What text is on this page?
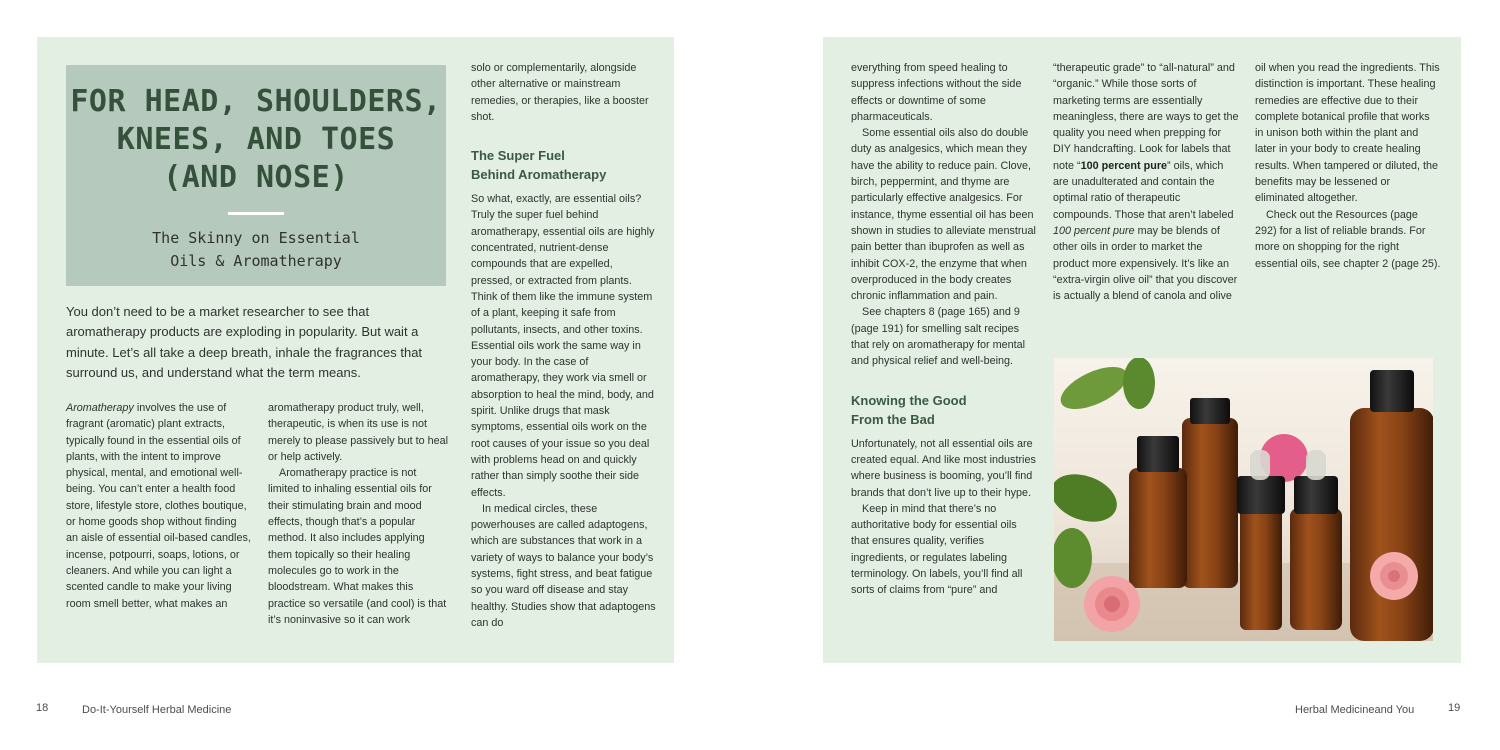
FOR HEAD, SHOULDERS,
KNEES, AND TOES
(AND NOSE)
The Skinny on Essential
Oils & Aromatherapy

You don’t need to be a market researcher to see that aromatherapy products are exploding in popularity. But wait a minute. Let’s all take a deep breath, inhale the fragrances that surround us, and understand what the term means.

Aromatherapy involves the use of fragrant (aromatic) plant extracts, typically found in the essential oils of plants, with the intent to improve physical, mental, and emotional well-being. You can’t enter a health food store, lifestyle store, clothes boutique, or home goods shop without finding an aisle of essential oil-based candles, incense, potpourri, soaps, lotions, or cleaners. And while you can light a scented candle to make your living room smell better, what makes an

aromatherapy product truly, well, therapeutic, is when its use is not merely to please passively but to heal or help actively.

Aromatherapy practice is not limited to inhaling essential oils for their stimulating brain and mood effects, though that’s a popular method. It also includes applying them topically so their healing molecules go to work in the bloodstream. What makes this practice so versatile (and cool) is that it’s noninvasive so it can work

solo or complementarily, alongside other alternative or mainstream remedies, or therapies, like a booster shot.

The Super Fuel
Behind Aromatherapy

So what, exactly, are essential oils? Truly the super fuel behind aromatherapy, essential oils are highly concentrated, nutrient-dense compounds that are expelled, pressed, or extracted from plants. Think of them like the immune system of a plant, keeping it safe from pollutants, insects, and other toxins. Essential oils work the same way in your body. In the case of aromatherapy, they work via smell or absorption to heal the mind, body, and spirit. Unlike drugs that mask symptoms, essential oils work on the root causes of your issue so you deal with problems head on and quickly rather than simply soothe their side effects.

In medical circles, these powerhouses are called adaptogens, which are substances that work in a variety of ways to balance your body’s systems, fight stress, and beat fatigue so you ward off disease and stay healthy. Studies show that adaptogens can do

everything from speed healing to suppress infections without the side effects or downtime of some pharmaceuticals.

Some essential oils also do double duty as analgesics, which mean they have the ability to reduce pain. Clove, birch, peppermint, and thyme are particularly effective analgesics. For instance, thyme essential oil has been shown in studies to alleviate menstrual pain better than ibuprofen as well as inhibit COX-2, the enzyme that when overproduced in the body creates chronic inflammation and pain.

See chapters 8 (page 165) and 9 (page 191) for smelling salt recipes that rely on aromatherapy for mental and physical relief and well-being.

Knowing the Good
From the Bad

Unfortunately, not all essential oils are created equal. And like most industries where business is booming, you’ll find brands that don’t live up to their hype.

Keep in mind that there’s no authoritative body for essential oils that ensures quality, verifies ingredients, or regulates labeling terminology. On labels, you’ll find all sorts of claims from “pure” and

“therapeutic grade” to “all-natural” and “organic.” While those sorts of marketing terms are essentially meaningless, there are ways to get the quality you need when prepping for DIY handcrafting. Look for labels that note “100 percent pure” oils, which are unadulterated and contain the optimal ratio of therapeutic compounds. Those that aren’t labeled 100 percent pure may be blends of other oils in order to market the product more expensively. It’s like an “extra-virgin olive oil” that you discover is actually a blend of canola and olive

oil when you read the ingredients. This distinction is important. These healing remedies are effective due to their complete botanical profile that works in unison both within the plant and later in your body to create healing results. When tampered or diluted, the benefits may be lessened or eliminated altogether.

Check out the Resources (page 292) for a list of reliable brands. For more on shopping for the right essential oils, see chapter 2 (page 25).

18	Do-It-Yourself Herbal Medicine	Herbal Medicineand You	19
